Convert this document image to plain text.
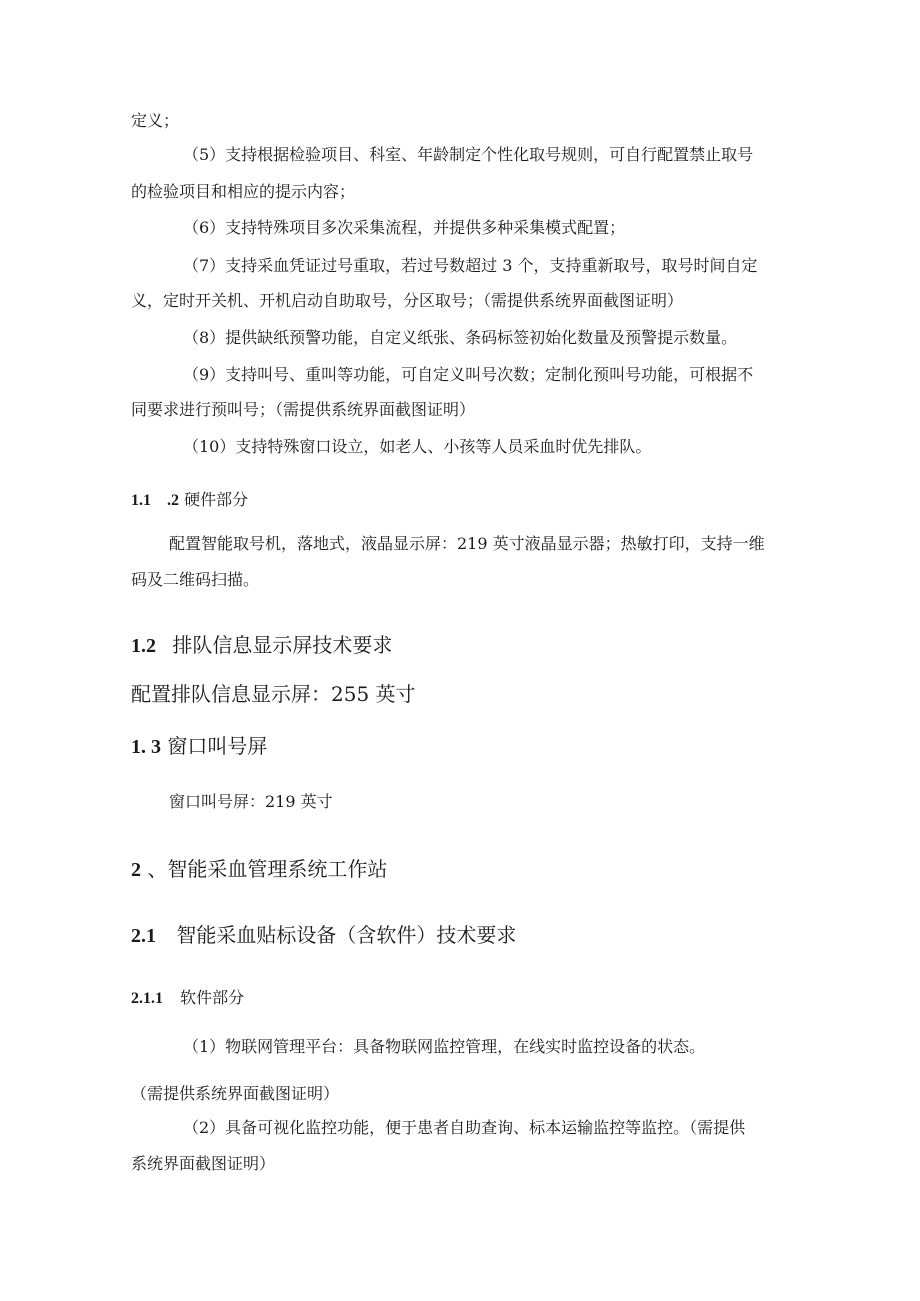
定义；
（5）支持根据检验项目、科室、年龄制定个性化取号规则，可自行配置禁止取号
的检验项目和相应的提示内容；
（6）支持特殊项目多次采集流程，并提供多种采集模式配置；
（7）支持采血凭证过号重取，若过号数超过 3 个，支持重新取号，取号时间自定
义，定时开关机、开机启动自助取号，分区取号；（需提供系统界面截图证明）
（8）提供缺纸预警功能，自定义纸张、条码标签初始化数量及预警提示数量。
（9）支持叫号、重叫等功能，可自定义叫号次数；定制化预叫号功能，可根据不
同要求进行预叫号；（需提供系统界面截图证明）
（10）支持特殊窗口设立，如老人、小孩等人员采血时优先排队。
1.1　.2 硬件部分
配置智能取号机，落地式，液晶显示屏：219 英寸液晶显示器；热敏打印，支持一维
码及二维码扫描。
1.2 排队信息显示屏技术要求
配置排队信息显示屏：255 英寸
1. 3 窗口叫号屏
窗口叫号屏：219 英寸
2 、智能采血管理系统工作站
2.1 智能采血贴标设备（含软件）技术要求
2.1.1 软件部分
（1）物联网管理平台：具备物联网监控管理，在线实时监控设备的状态。
（需提供系统界面截图证明）
（2）具备可视化监控功能，便于患者自助查询、标本运输监控等监控。（需提供
系统界面截图证明）
